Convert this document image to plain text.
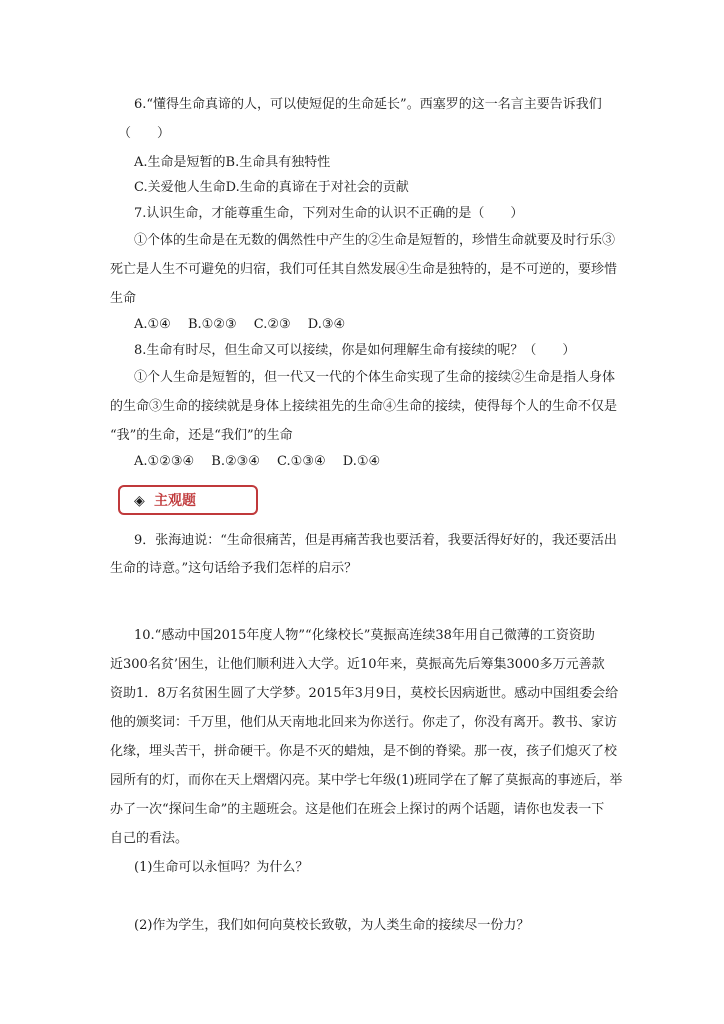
6.“懂得生命真谛的人，可以使短促的生命延长”。西塞罗的这一名言主要告诉我们
（　　）
A.生命是短暂的B.生命具有独特性
C.关爱他人生命D.生命的真谛在于对社会的贡献
7.认识生命，才能尊重生命，下列对生命的认识不正确的是（　　）
①个体的生命是在无数的偶然性中产生的②生命是短暂的，珍惜生命就要及时行乐③
死亡是人生不可避免的归宿，我们可任其自然发展④生命是独特的，是不可逆的，要珍惜
生命
A.①④　 B.①②③　 C.②③　 D.③④
8.生命有时尽，但生命又可以接续，你是如何理解生命有接续的呢？（　　）
①个人生命是短暂的，但一代又一代的个体生命实现了生命的接续②生命是指人身体
的生命③生命的接续就是身体上接续祖先的生命④生命的接续，使得每个人的生命不仅是
“我”的生命，还是“我们”的生命
A.①②③④　 B.②③④　 C.①③④　 D.①④
◈ 主观题
9．张海迪说：“生命很痛苦，但是再痛苦我也要活着，我要活得好好的，我还要活出
生命的诗意。”这句话给予我们怎样的启示？
10.“感动中国2015年度人物”“化缘校长”莫振高连续38年用自己微薄的工资资助
近300名贫’困生，让他们顺利进入大学。近10年来，莫振高先后筹集3000多万元善款
资助1．8万名贫困生圆了大学梦。2015年3月9日，莫校长因病逝世。感动中国组委会给
他的颁奖词：千万里，他们从天南地北回来为你送行。你走了，你没有离开。教书、家访
化缘，埋头苦干，拼命硬干。你是不灭的蜡烛，是不倒的脊梁。那一夜，孩子们熄灭了校
园所有的灯，而你在天上熠熠闪亮。某中学七年级(1)班同学在了解了莫振高的事迹后，举
办了一次“探问生命”的主题班会。这是他们在班会上探讨的两个话题，请你也发表一下
自己的看法。
(1)生命可以永恒吗？为什么？
(2)作为学生，我们如何向莫校长致敬，为人类生命的接续尽一份力？
